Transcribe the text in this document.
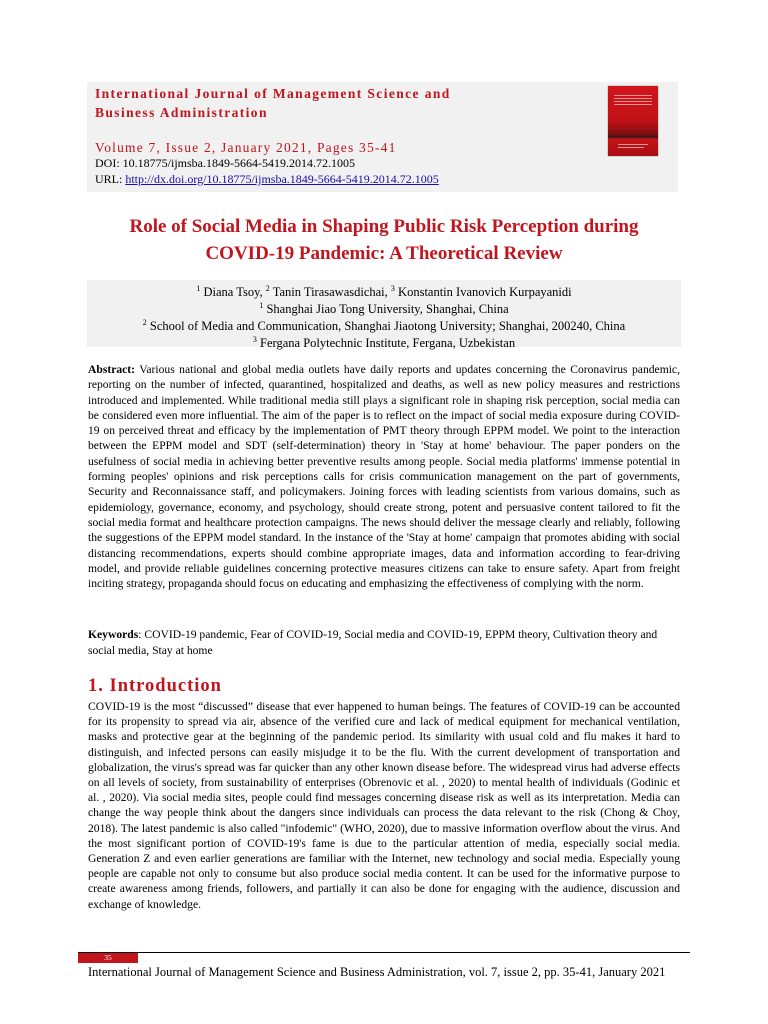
International Journal of Management Science and Business Administration
Volume 7, Issue 2, January 2021, Pages 35-41
DOI: 10.18775/ijmsba.1849-5664-5419.2014.72.1005
URL: http://dx.doi.org/10.18775/ijmsba.1849-5664-5419.2014.72.1005
Role of Social Media in Shaping Public Risk Perception during
COVID-19 Pandemic: A Theoretical Review
$^1$ Diana Tsoy, $^2$ Tanin Tirasawasdichai, $^3$ Konstantin Ivanovich Kurpayanidi
$^1$ Shanghai Jiao Tong University, Shanghai, China
$^2$ School of Media and Communication, Shanghai Jiaotong University; Shanghai, 200240, China
$^3$ Fergana Polytechnic Institute, Fergana, Uzbekistan
Abstract: Various national and global media outlets have daily reports and updates concerning the Coronavirus pandemic, reporting on the number of infected, quarantined, hospitalized and deaths, as well as new policy measures and restrictions introduced and implemented. While traditional media still plays a significant role in shaping risk perception, social media can be considered even more influential. The aim of the paper is to reflect on the impact of social media exposure during COVID-19 on perceived threat and efficacy by the implementation of PMT theory through EPPM model. We point to the interaction between the EPPM model and SDT (self-determination) theory in 'Stay at home' behaviour. The paper ponders on the usefulness of social media in achieving better preventive results among people. Social media platforms' immense potential in forming peoples' opinions and risk perceptions calls for crisis communication management on the part of governments, Security and Reconnaissance staff, and policymakers. Joining forces with leading scientists from various domains, such as epidemiology, governance, economy, and psychology, should create strong, potent and persuasive content tailored to fit the social media format and healthcare protection campaigns. The news should deliver the message clearly and reliably, following the suggestions of the EPPM model standard. In the instance of the 'Stay at home' campaign that promotes abiding with social distancing recommendations, experts should combine appropriate images, data and information according to fear-driving model, and provide reliable guidelines concerning protective measures citizens can take to ensure safety. Apart from freight inciting strategy, propaganda should focus on educating and emphasizing the effectiveness of complying with the norm.
Keywords: COVID-19 pandemic, Fear of COVID-19, Social media and COVID-19, EPPM theory, Cultivation theory and social media, Stay at home
1. Introduction
COVID-19 is the most “discussed” disease that ever happened to human beings. The features of COVID-19 can be accounted for its propensity to spread via air, absence of the verified cure and lack of medical equipment for mechanical ventilation, masks and protective gear at the beginning of the pandemic period. Its similarity with usual cold and flu makes it hard to distinguish, and infected persons can easily misjudge it to be the flu. With the current development of transportation and globalization, the virus's spread was far quicker than any other known disease before. The widespread virus had adverse effects on all levels of society, from sustainability of enterprises (Obrenovic et al. , 2020) to mental health of individuals (Godinic et al. , 2020). Via social media sites, people could find messages concerning disease risk as well as its interpretation. Media can change the way people think about the dangers since individuals can process the data relevant to the risk (Chong & Choy, 2018). The latest pandemic is also called "infodemic" (WHO, 2020), due to massive information overflow about the virus. And the most significant portion of COVID-19's fame is due to the particular attention of media, especially social media. Generation Z and even earlier generations are familiar with the Internet, new technology and social media. Especially young people are capable not only to consume but also produce social media content. It can be used for the informative purpose to create awareness among friends, followers, and partially it can also be done for engaging with the audience, discussion and exchange of knowledge.
35
International Journal of Management Science and Business Administration, vol. 7, issue 2, pp. 35-41, January 2021
